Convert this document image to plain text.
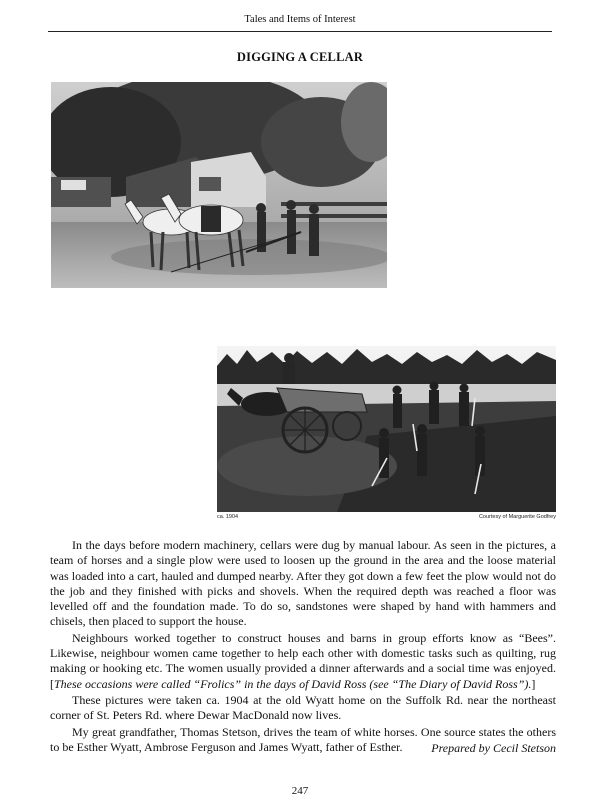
Tales and Items of Interest
DIGGING A CELLAR
ca. 1904	Courtesy of Marguerite Godfrey

In the days before modern machinery, cellars were dug by manual labour. As seen in the pictures, a team of horses and a single plow were used to loosen up the ground in the area and the loose material was loaded into a cart, hauled and dumped nearby. After they got down a few feet the plow would not do the job and they finished with picks and shovels. When the required depth was reached a floor was levelled off and the foundation made. To do so, sandstones were shaped by hand with hammers and chisels, then placed to support the house.

Neighbours worked together to construct houses and barns in group efforts know as “Bees”. Likewise, neighbour women came together to help each other with domestic tasks such as quilting, rug making or hooking etc. The women usually provided a dinner afterwards and a social time was enjoyed. [These occasions were called “Frolics” in the days of David Ross (see “The Diary of David Ross”).]

These pictures were taken ca. 1904 at the old Wyatt home on the Suffolk Rd. near the northeast corner of St. Peters Rd. where Dewar MacDonald now lives.

My great grandfather, Thomas Stetson, drives the team of white horses. One source states the others to be Esther Wyatt, Ambrose Ferguson and James Wyatt, father of Esther.	Prepared by Cecil Stetson
247
